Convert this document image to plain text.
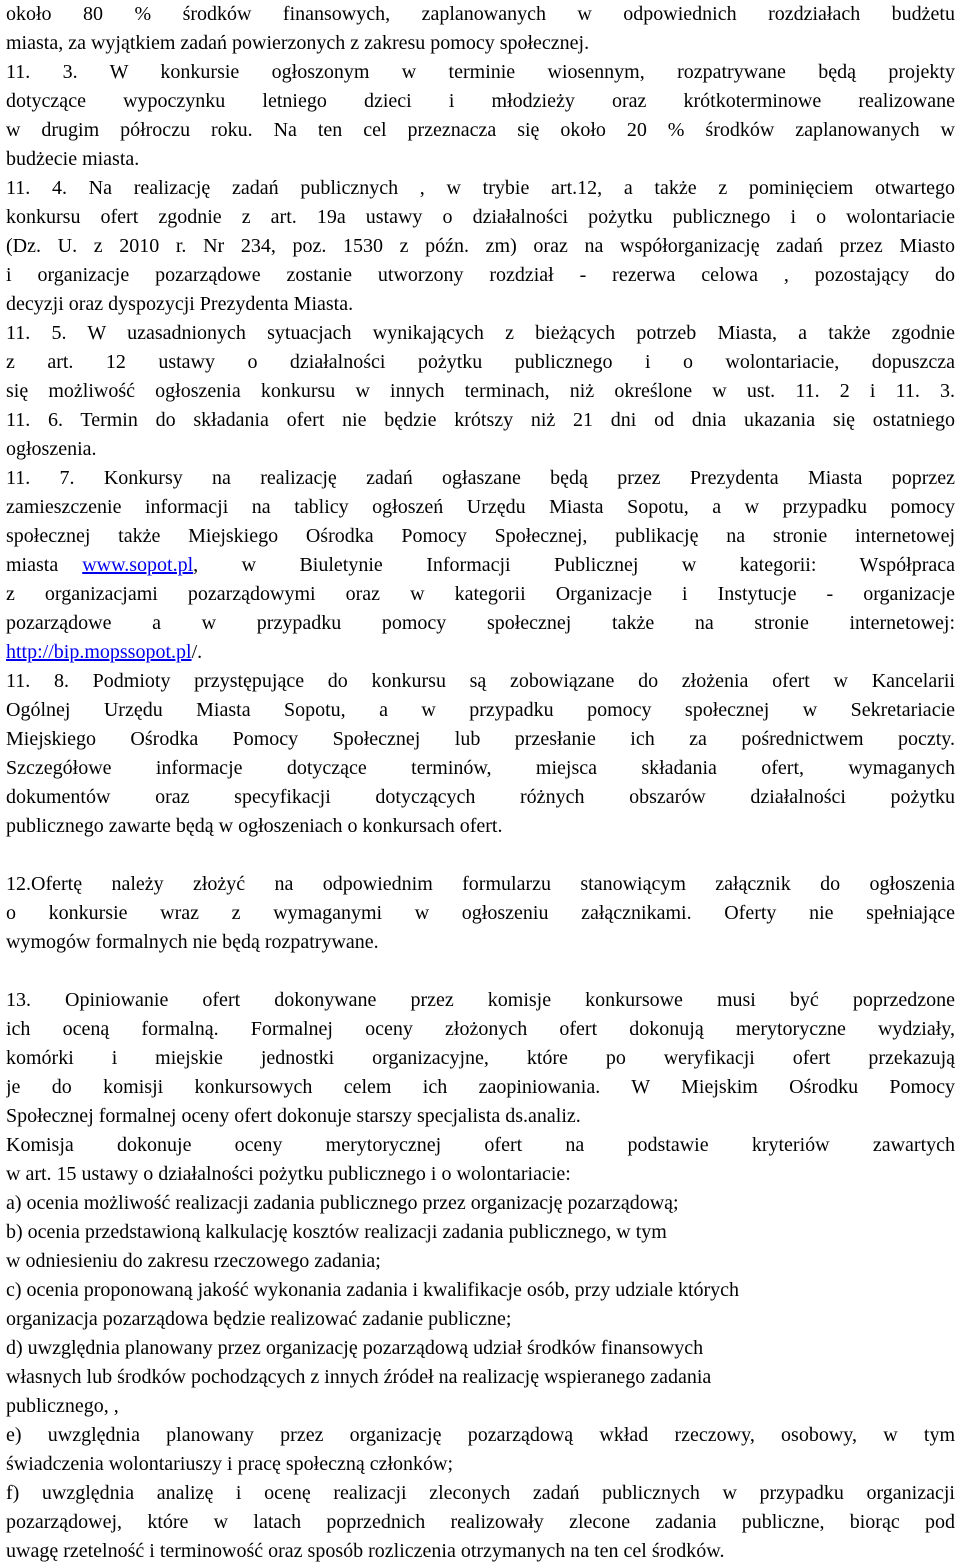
około 80 % środków finansowych, zaplanowanych w odpowiednich rozdziałach budżetu
miasta, za wyjątkiem zadań powierzonych z zakresu pomocy społecznej.
11. 3. W konkursie ogłoszonym w terminie wiosennym, rozpatrywane będą projekty
dotyczące wypoczynku letniego dzieci i młodzieży oraz krótkoterminowe realizowane
w drugim półroczu roku. Na ten cel przeznacza się około 20 % środków zaplanowanych w
budżecie miasta.
11. 4. Na realizację zadań publicznych , w trybie art.12, a także z pominięciem otwartego
konkursu ofert zgodnie z art. 19a ustawy o działalności pożytku publicznego i o wolontariacie
(Dz. U. z 2010 r. Nr 234, poz. 1530 z późn. zm) oraz na współorganizację zadań przez Miasto
i organizacje pozarządowe zostanie utworzony rozdział - rezerwa celowa , pozostający do
decyzji oraz dyspozycji Prezydenta Miasta.
11. 5. W uzasadnionych sytuacjach wynikających z bieżących potrzeb Miasta, a także zgodnie
z art. 12 ustawy o działalności pożytku publicznego i o wolontariacie, dopuszcza
się możliwość ogłoszenia konkursu w innych terminach, niż określone w ust. 11. 2 i 11. 3.
11. 6. Termin do składania ofert nie będzie krótszy niż 21 dni od dnia ukazania się ostatniego
ogłoszenia.
11. 7. Konkursy na realizację zadań ogłaszane będą przez Prezydenta Miasta poprzez
zamieszczenie informacji na tablicy ogłoszeń Urzędu Miasta Sopotu, a w przypadku pomocy
społecznej także Miejskiego Ośrodka Pomocy Społecznej, publikację na stronie internetowej
miasta www.sopot.pl , w Biuletynie Informacji Publicznej w kategorii: Współpraca
z organizacjami pozarządowymi oraz w kategorii Organizacje i Instytucje - organizacje
pozarządowe a w przypadku pomocy społecznej także na stronie internetowej:
http://bip.mopssopot.pl/.
11. 8. Podmioty przystępujące do konkursu są zobowiązane do złożenia ofert w Kancelarii
Ogólnej Urzędu Miasta Sopotu, a w przypadku pomocy społecznej w Sekretariacie
Miejskiego Ośrodka Pomocy Społecznej lub przesłanie ich za pośrednictwem poczty.
Szczegółowe informacje dotyczące terminów, miejsca składania ofert, wymaganych
dokumentów oraz specyfikacji dotyczących różnych obszarów działalności pożytku
publicznego zawarte będą w ogłoszeniach o konkursach ofert.
12.Ofertę należy złożyć na odpowiednim formularzu stanowiącym załącznik do ogłoszenia
o konkursie wraz z wymaganymi w ogłoszeniu załącznikami. Oferty nie spełniające
wymogów formalnych nie będą rozpatrywane.
13. Opiniowanie ofert dokonywane przez komisje konkursowe musi być poprzedzone
ich oceną formalną. Formalnej oceny złożonych ofert dokonują merytoryczne wydziały,
komórki i miejskie jednostki organizacyjne, które po weryfikacji ofert przekazują
je do komisji konkursowych celem ich zaopiniowania. W Miejskim Ośrodku Pomocy
Społecznej formalnej oceny ofert dokonuje starszy specjalista ds.analiz.
Komisja dokonuje oceny merytorycznej ofert na podstawie kryteriów zawartych
w art. 15 ustawy o działalności pożytku publicznego i o wolontariacie:
a) ocenia możliwość realizacji zadania publicznego przez organizację pozarządową;
b) ocenia przedstawioną kalkulację kosztów realizacji zadania publicznego, w tym
w odniesieniu do zakresu rzeczowego zadania;
c) ocenia proponowaną jakość wykonania zadania i kwalifikacje osób, przy udziale których
organizacja pozarządowa będzie realizować zadanie publiczne;
d) uwzględnia planowany przez organizację pozarządową udział środków finansowych
własnych lub środków pochodzących z innych źródeł na realizację wspieranego zadania
publicznego, ,
e) uwzględnia planowany przez organizację pozarządową wkład rzeczowy, osobowy, w tym
świadczenia wolontariuszy i pracę społeczną członków;
f) uwzględnia analizę i ocenę realizacji zleconych zadań publicznych w przypadku organizacji
pozarządowej, które w latach poprzednich realizowały zlecone zadania publiczne, biorąc pod
uwagę rzetelność i terminowość oraz sposób rozliczenia otrzymanych na ten cel środków.
